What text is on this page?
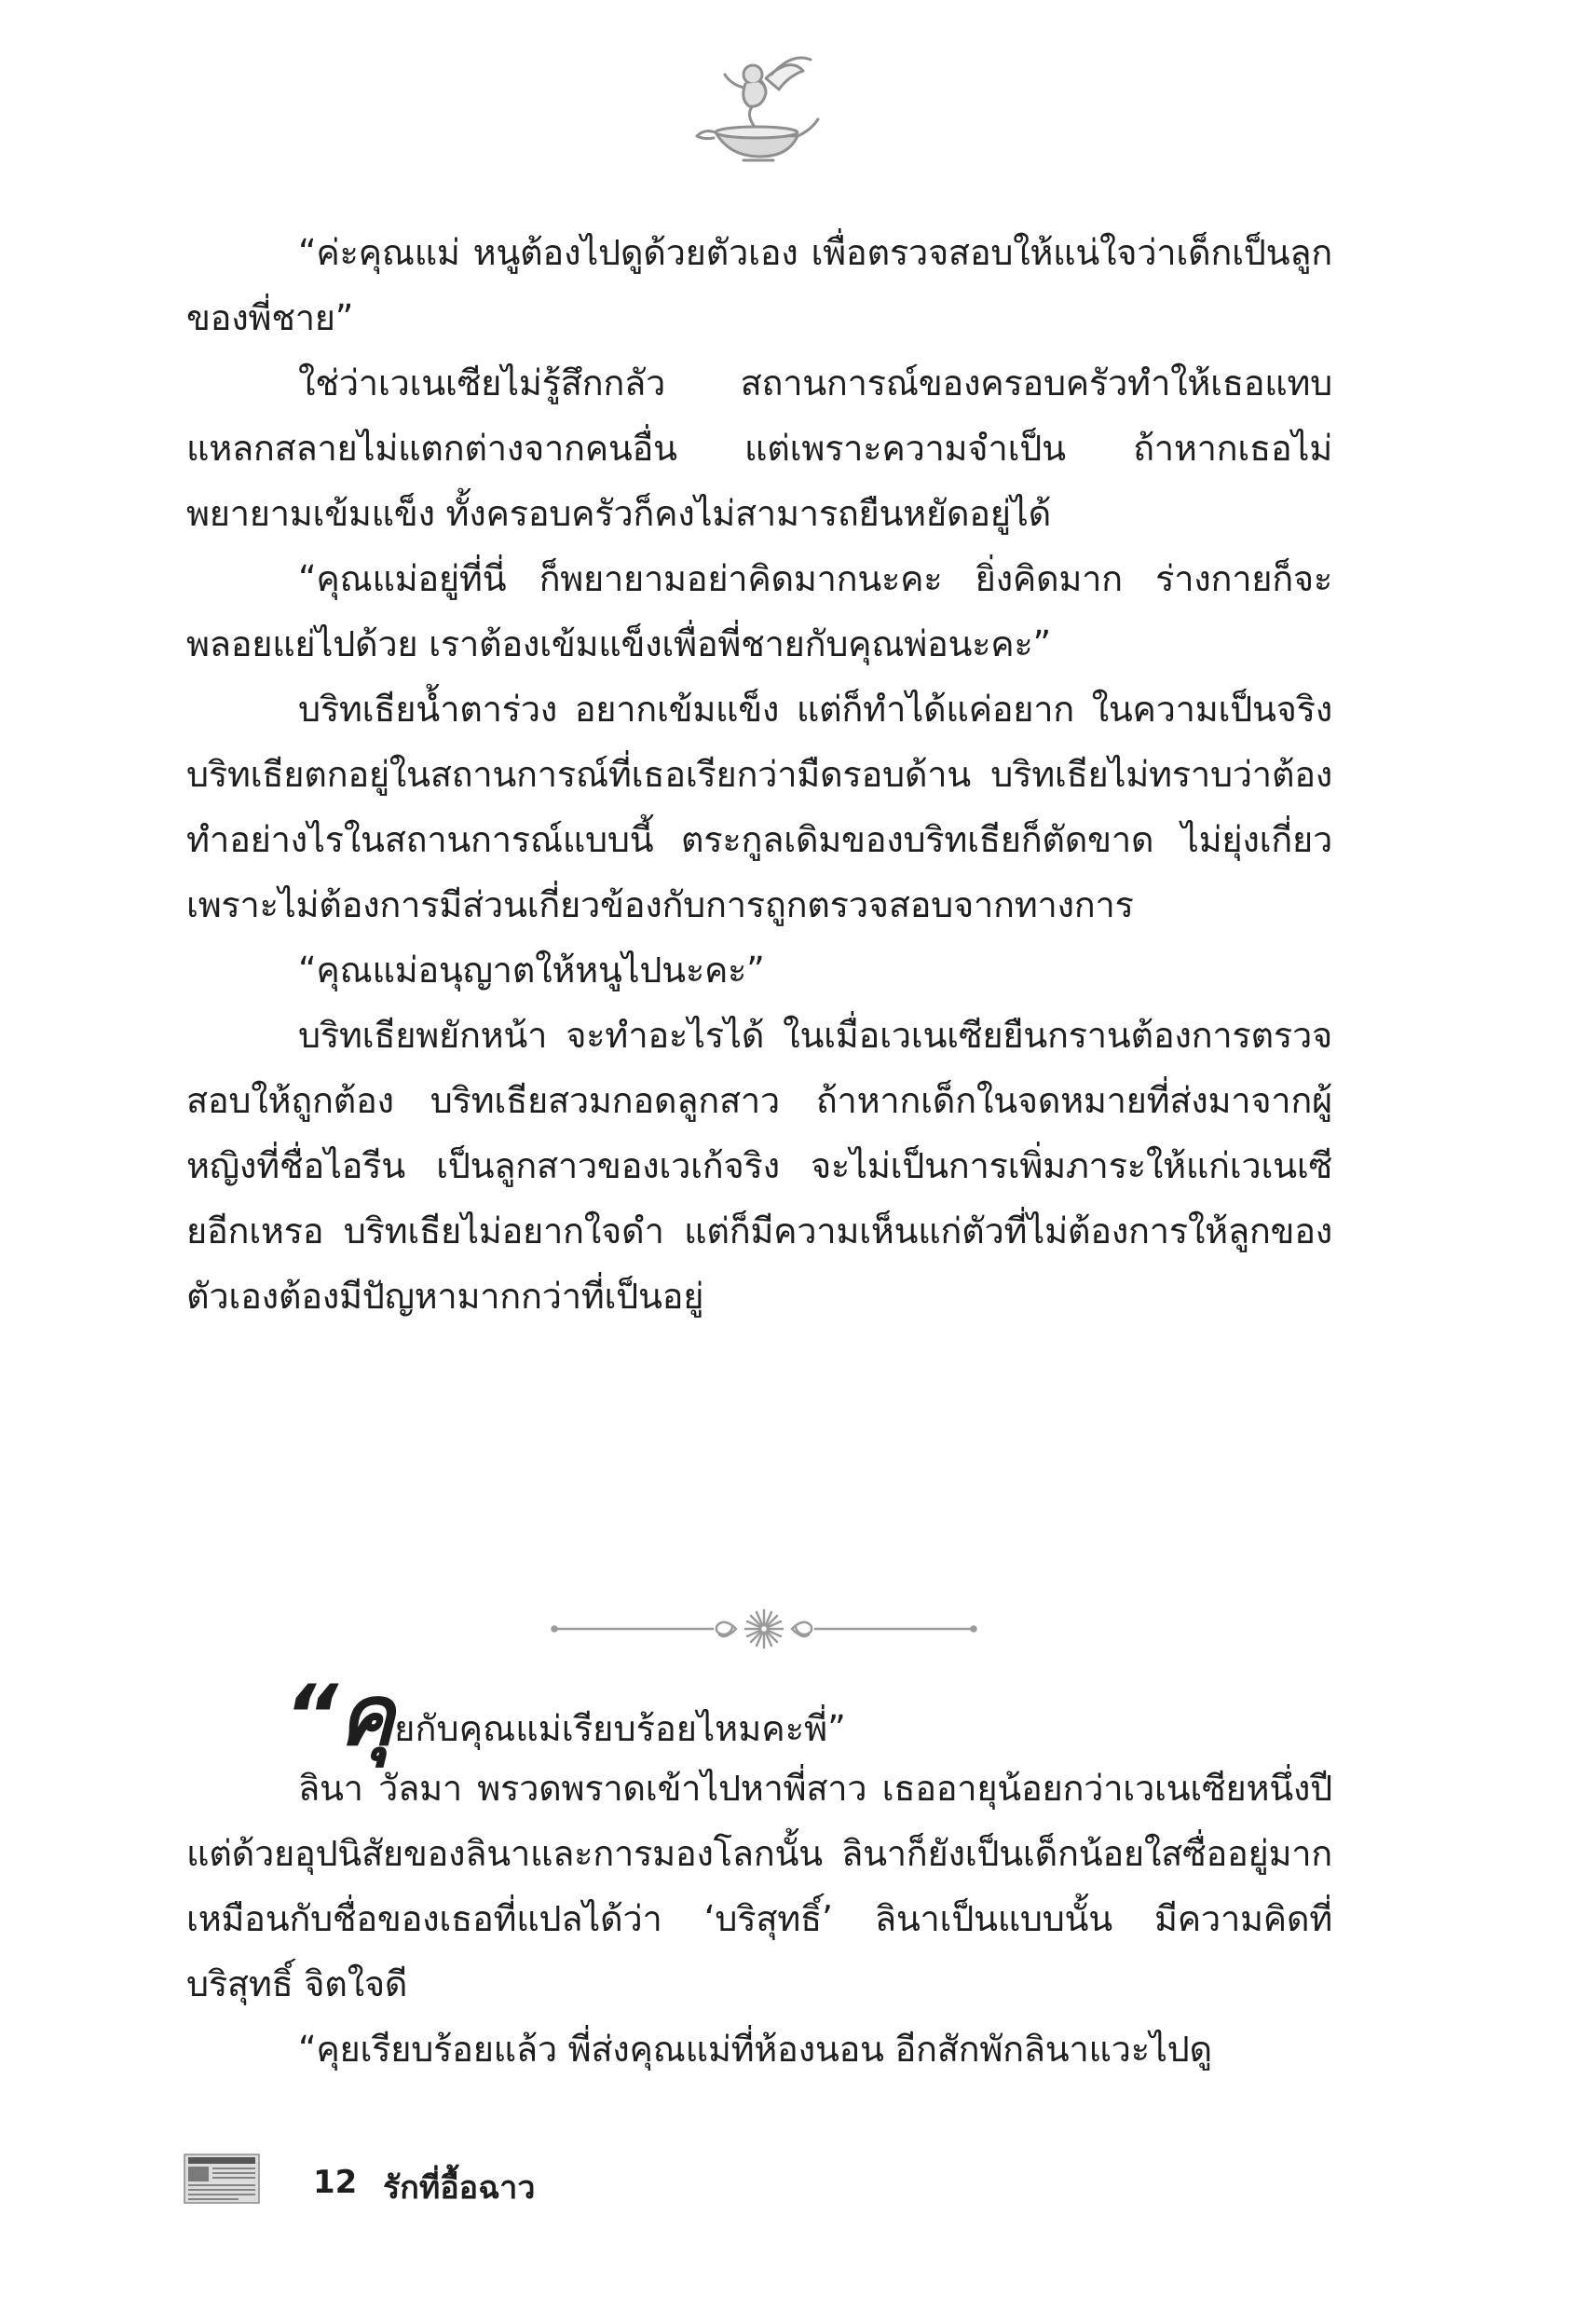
“ค่ะคุณแม่ หนูต้องไปดูด้วยตัวเอง เพื่อตรวจสอบให้แน่ใจว่าเด็กเป็นลูกของพี่ชาย”

ใช่ว่าเวเนเซียไม่รู้สึกกลัว สถานการณ์ของครอบครัวทำให้เธอแทบแหลกสลายไม่แตกต่างจากคนอื่น แต่เพราะความจำเป็น ถ้าหากเธอไม่พยายามเข้มแข็ง ทั้งครอบครัวก็คงไม่สามารถยืนหยัดอยู่ได้

“คุณแม่อยู่ที่นี่ ก็พยายามอย่าคิดมากนะคะ ยิ่งคิดมาก ร่างกายก็จะพลอยแย่ไปด้วย เราต้องเข้มแข็งเพื่อพี่ชายกับคุณพ่อนะคะ”

บริทเธียน้ำตาร่วง อยากเข้มแข็ง แต่ก็ทำได้แค่อยาก ในความเป็นจริง บริทเธียตกอยู่ในสถานการณ์ที่เธอเรียกว่ามืดรอบด้าน บริทเธียไม่ทราบว่าต้องทำอย่างไรในสถานการณ์แบบนี้ ตระกูลเดิมของบริทเธียก็ตัดขาด ไม่ยุ่งเกี่ยว เพราะไม่ต้องการมีส่วนเกี่ยวข้องกับการถูกตรวจสอบจากทางการ

“คุณแม่อนุญาตให้หนูไปนะคะ”

บริทเธียพยักหน้า จะทำอะไรได้ ในเมื่อเวเนเซียยืนกรานต้องการตรวจสอบให้ถูกต้อง บริทเธียสวมกอดลูกสาว ถ้าหากเด็กในจดหมายที่ส่งมาจากผู้หญิงที่ชื่อไอรีน เป็นลูกสาวของเวเก้จริง จะไม่เป็นการเพิ่มภาระให้แก่เวเนเซียอีกเหรอ บริทเธียไม่อยากใจดำ แต่ก็มีความเห็นแก่ตัวที่ไม่ต้องการให้ลูกของตัวเองต้องมีปัญหามากกว่าที่เป็นอยู่

“คุยกับคุณแม่เรียบร้อยไหมคะพี่”

ลินา วัลมา พรวดพราดเข้าไปหาพี่สาว เธออายุน้อยกว่าเวเนเซียหนึ่งปี แต่ด้วยอุปนิสัยของลินาและการมองโลกนั้น ลินาก็ยังเป็นเด็กน้อยใสซื่ออยู่มาก เหมือนกับชื่อของเธอที่แปลได้ว่า ‘บริสุทธิ์’ ลินาเป็นแบบนั้น มีความคิดที่บริสุทธิ์ จิตใจดี

“คุยเรียบร้อยแล้ว พี่ส่งคุณแม่ที่ห้องนอน อีกสักพักลินาแวะไปดู

12 รักที่อื้อฉาว
